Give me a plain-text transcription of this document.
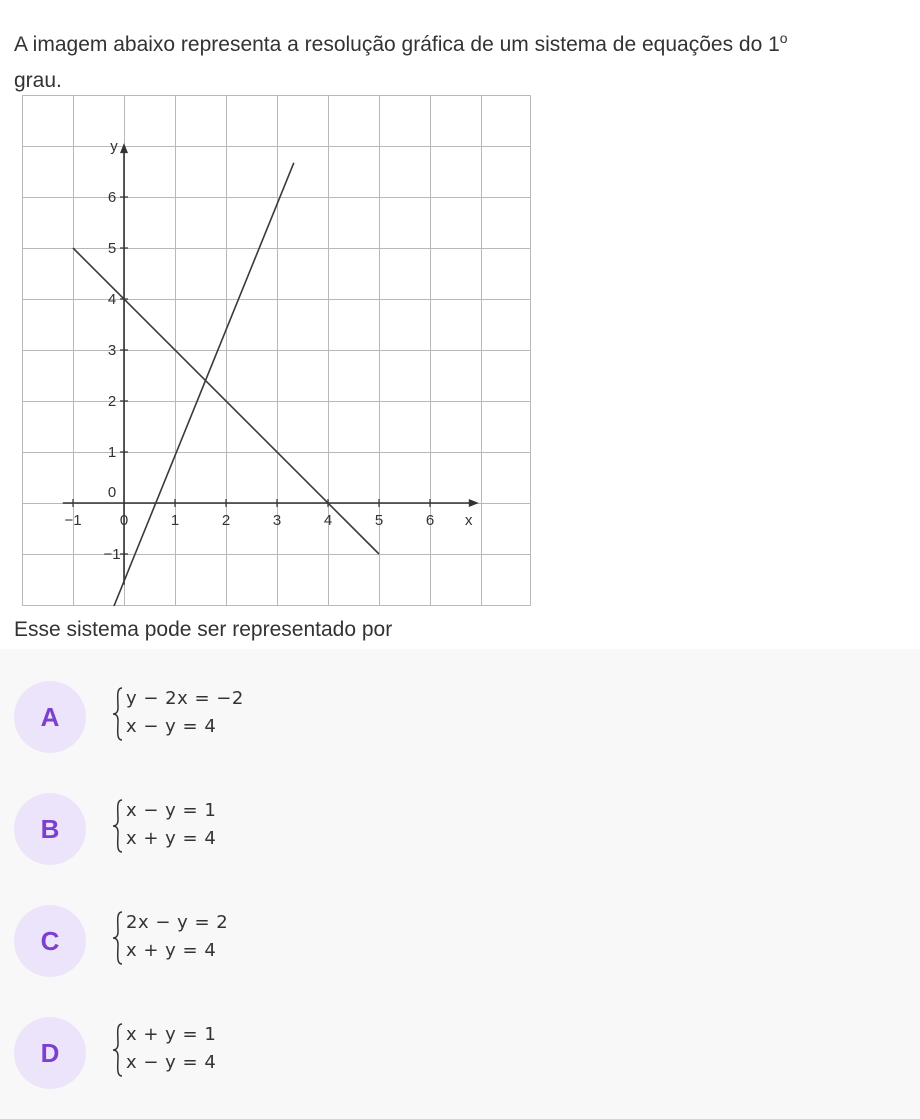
A imagem abaixo representa a resolução gráfica de um sistema de equações do 1$^o$
grau.
−1	0	1	2	3	4	5	6
6
5
4
3
2
1
0
−1
x
y
Esse sistema pode ser representado por
A
y − 2x = −2
x − y = 4
B
x − y = 1
x + y = 4
C
2x − y = 2
x + y = 4
D
x + y = 1
x − y = 4
